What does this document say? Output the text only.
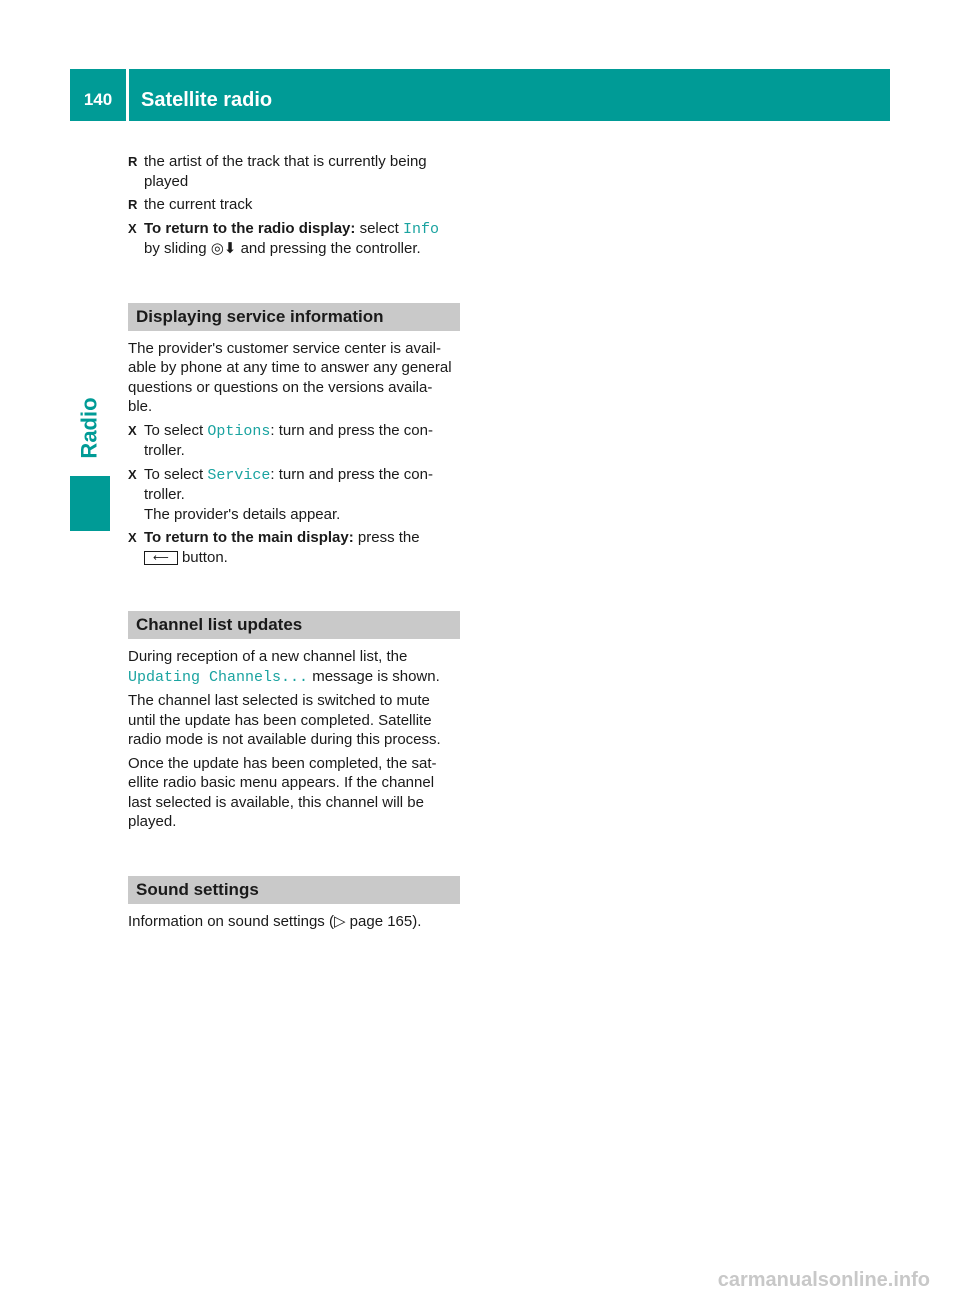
140	Satellite radio
Radio
R the artist of the track that is currently being played
R the current track
X To return to the radio display: select Info
by sliding ◎⬇ and pressing the controller.
Displaying service information

The provider's customer service center is avail-
able by phone at any time to answer any general
questions or questions on the versions availa-
ble.

X To select Options: turn and press the con-
troller.
X To select Service: turn and press the con-
troller.
The provider's details appear.
X To return to the main display: press the
⟵ button.
Channel list updates

During reception of a new channel list, the
Updating Channels... message is shown.

The channel last selected is switched to mute
until the update has been completed. Satellite
radio mode is not available during this process.

Once the update has been completed, the sat-
ellite radio basic menu appears. If the channel
last selected is available, this channel will be
played.

Sound settings

Information on sound settings (▷ page 165).

carmanualsonline.info
